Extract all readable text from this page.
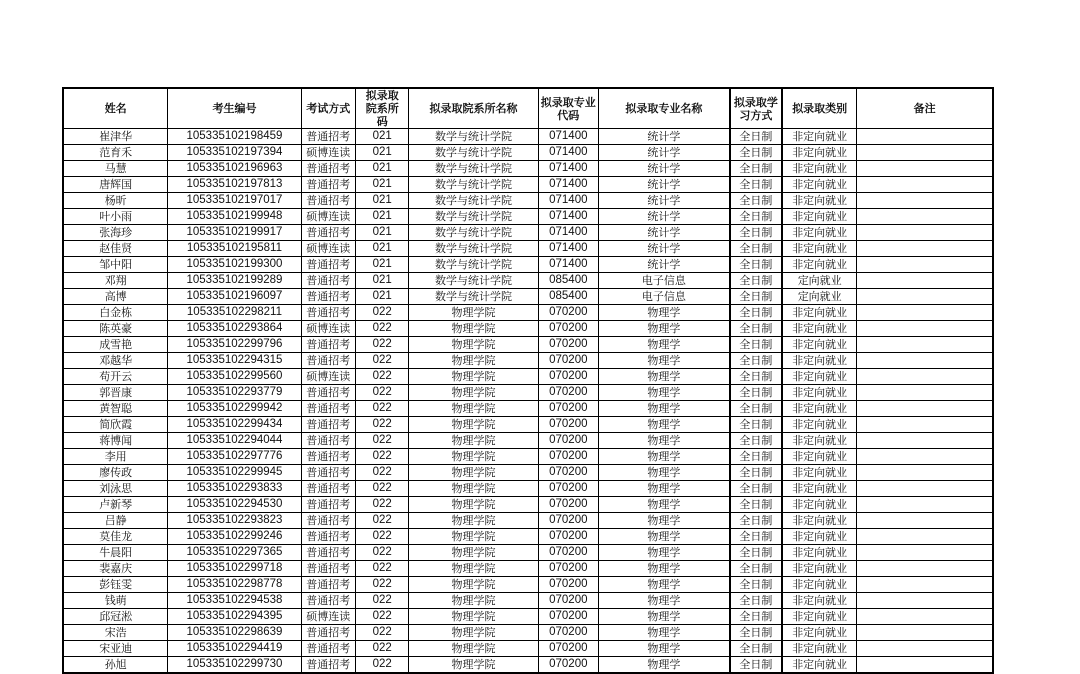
姓名	考生编号	考试方式	拟录取院系所码	拟录取院系所名称	拟录取专业代码	拟录取专业名称	拟录取学习方式	拟录取类别	备注
崔津华	105335102198459	普通招考	021	数学与统计学院	071400	统计学	全日制	非定向就业	
范育禾	105335102197394	硕博连读	021	数学与统计学院	071400	统计学	全日制	非定向就业	
马慧	105335102196963	普通招考	021	数学与统计学院	071400	统计学	全日制	非定向就业	
唐辉国	105335102197813	普通招考	021	数学与统计学院	071400	统计学	全日制	非定向就业	
杨昕	105335102197017	普通招考	021	数学与统计学院	071400	统计学	全日制	非定向就业	
叶小雨	105335102199948	硕博连读	021	数学与统计学院	071400	统计学	全日制	非定向就业	
张海珍	105335102199917	普通招考	021	数学与统计学院	071400	统计学	全日制	非定向就业	
赵佳贤	105335102195811	硕博连读	021	数学与统计学院	071400	统计学	全日制	非定向就业	
邹中阳	105335102199300	普通招考	021	数学与统计学院	071400	统计学	全日制	非定向就业	
邓翔	105335102199289	普通招考	021	数学与统计学院	085400	电子信息	全日制	定向就业	
高博	105335102196097	普通招考	021	数学与统计学院	085400	电子信息	全日制	定向就业	
白金栋	105335102298211	普通招考	022	物理学院	070200	物理学	全日制	非定向就业	
陈英豪	105335102293864	硕博连读	022	物理学院	070200	物理学	全日制	非定向就业	
成雪艳	105335102299796	普通招考	022	物理学院	070200	物理学	全日制	非定向就业	
邓越华	105335102294315	普通招考	022	物理学院	070200	物理学	全日制	非定向就业	
苟开云	105335102299560	硕博连读	022	物理学院	070200	物理学	全日制	非定向就业	
郭晋康	105335102293779	普通招考	022	物理学院	070200	物理学	全日制	非定向就业	
黄智聪	105335102299942	普通招考	022	物理学院	070200	物理学	全日制	非定向就业	
简欣霞	105335102299434	普通招考	022	物理学院	070200	物理学	全日制	非定向就业	
蒋博闻	105335102294044	普通招考	022	物理学院	070200	物理学	全日制	非定向就业	
李用	105335102297776	普通招考	022	物理学院	070200	物理学	全日制	非定向就业	
廖传政	105335102299945	普通招考	022	物理学院	070200	物理学	全日制	非定向就业	
刘泳思	105335102293833	普通招考	022	物理学院	070200	物理学	全日制	非定向就业	
卢新琴	105335102294530	普通招考	022	物理学院	070200	物理学	全日制	非定向就业	
吕静	105335102293823	普通招考	022	物理学院	070200	物理学	全日制	非定向就业	
莫佳龙	105335102299246	普通招考	022	物理学院	070200	物理学	全日制	非定向就业	
牛晨阳	105335102297365	普通招考	022	物理学院	070200	物理学	全日制	非定向就业	
裴嘉庆	105335102299718	普通招考	022	物理学院	070200	物理学	全日制	非定向就业	
彭钰雯	105335102298778	普通招考	022	物理学院	070200	物理学	全日制	非定向就业	
钱萌	105335102294538	普通招考	022	物理学院	070200	物理学	全日制	非定向就业	
邱冠淞	105335102294395	硕博连读	022	物理学院	070200	物理学	全日制	非定向就业	
宋浩	105335102298639	普通招考	022	物理学院	070200	物理学	全日制	非定向就业	
宋亚迪	105335102294419	普通招考	022	物理学院	070200	物理学	全日制	非定向就业	
孙旭	105335102299730	普通招考	022	物理学院	070200	物理学	全日制	非定向就业	
